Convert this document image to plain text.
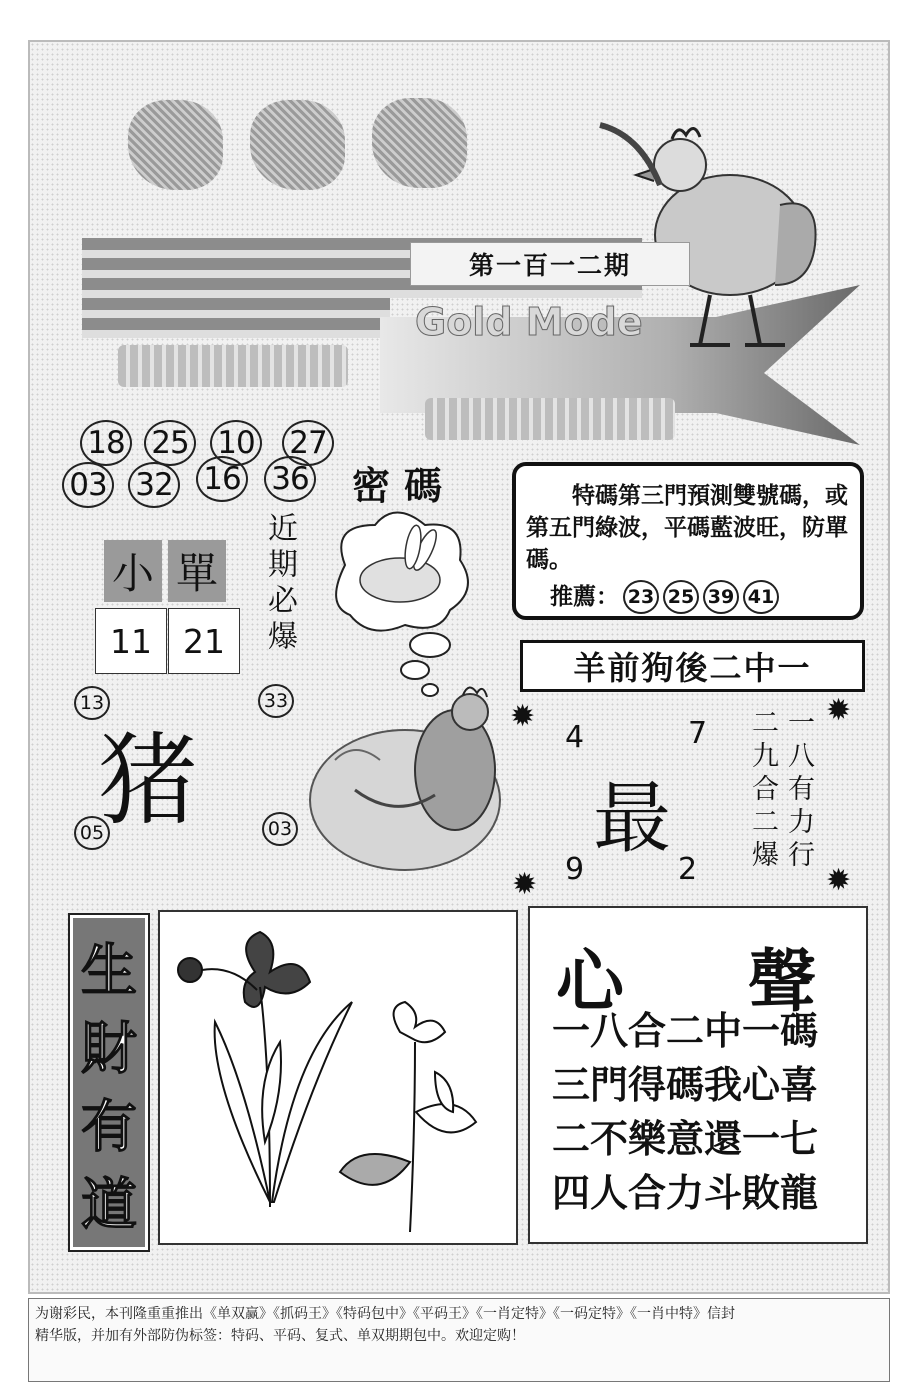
第一百一二期
Gold Mode
18 25 10 27
03 32 16 36
小 單
11 21	近期必爆
密碼
13
猪
05
33
03
特碼第三門預測雙號碼，或第五門綠波，平碼藍波旺，防單碼。
推薦： 23 25 39 41
羊前狗後二中一
✹	✹
✹	✹
4	7
最
9	2 二九合二爆 一八有力行
生
財
有
道
心 聲
一八合二中一碼
三門得碼我心喜
二不樂意還一七
四人合力斗敗龍
为谢彩民，本刊隆重重推出《单双赢》《抓码王》《特码包中》《平码王》《一肖定特》《一码定特》《一肖中特》信封
精华版，并加有外部防伪标签：特码、平码、复式、单双期期包中。欢迎定购！
